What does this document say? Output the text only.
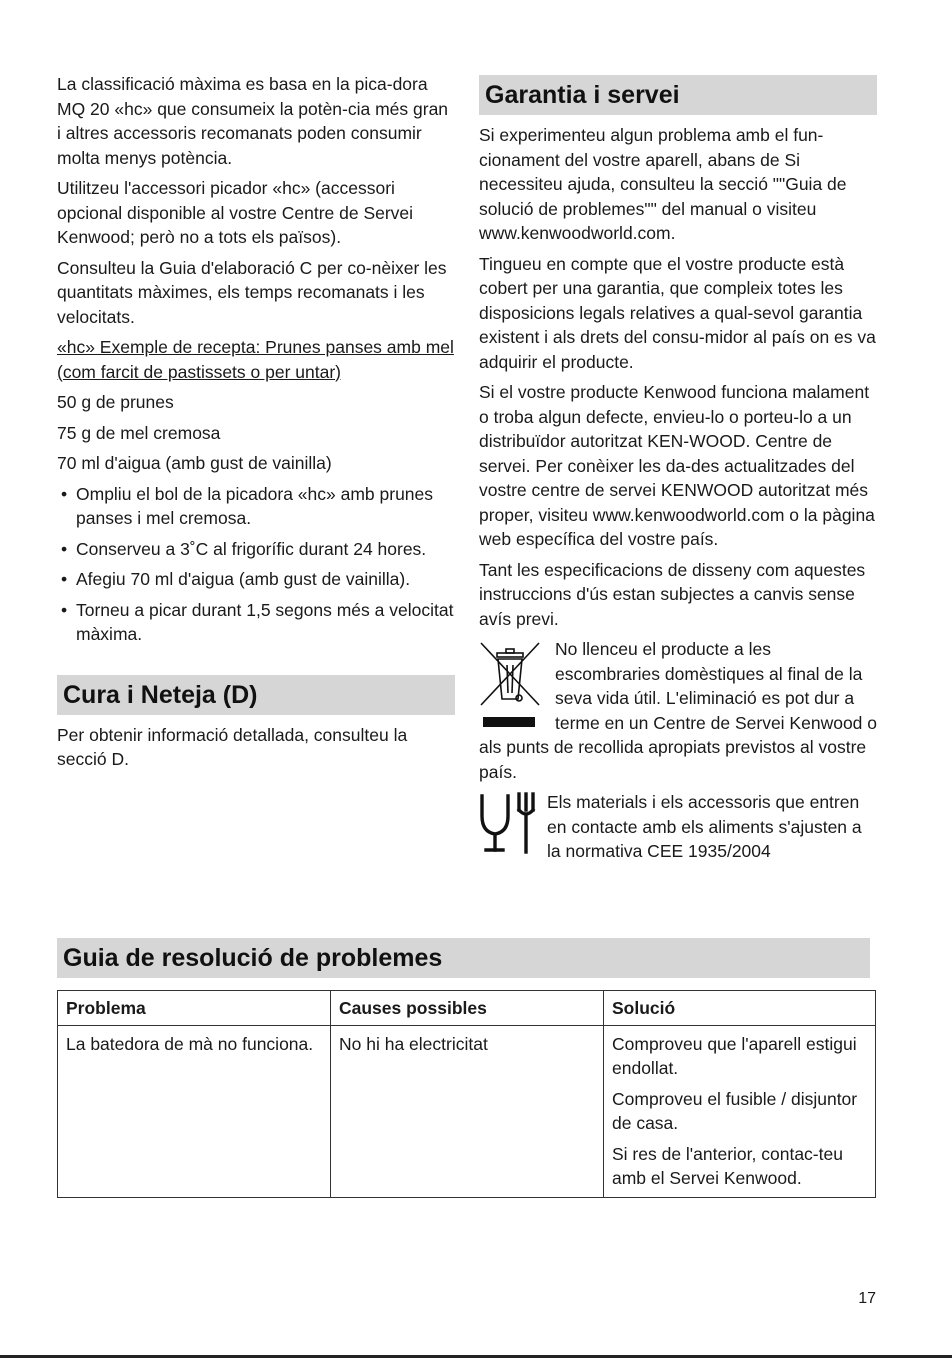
La classificació màxima es basa en la pica-dora MQ 20 «hc» que consumeix la potèn-cia més gran i altres accessoris recomanats poden consumir molta menys potència.

Utilitzeu l'accessori picador «hc» (accessori opcional disponible al vostre Centre de Servei Kenwood; però no a tots els països).

Consulteu la Guia d'elaboració C per co-nèixer les quantitats màximes, els temps recomanats i les velocitats.

«hc» Exemple de recepta: Prunes panses amb mel (com farcit de pastissets o per untar)

50 g de prunes

75 g de mel cremosa

70 ml d'aigua (amb gust de vainilla)

• Ompliu el bol de la picadora «hc» amb prunes panses i mel cremosa.
• Conserveu a 3˚C al frigorífic durant 24 hores.
• Afegiu 70 ml d'aigua (amb gust de vainilla).
• Torneu a picar durant 1,5 segons més a velocitat màxima.
Cura i Neteja (D)

Per obtenir informació detallada, consulteu la secció D.

Garantia i servei

Si experimenteu algun problema amb el fun-cionament del vostre aparell, abans de Si necessiteu ajuda, consulteu la secció ""Guia de solució de problemes"" del manual o visiteu www.kenwoodworld.com.

Tingueu en compte que el vostre producte està cobert per una garantia, que compleix totes les disposicions legals relatives a qual-sevol garantia existent i als drets del consu-midor al país on es va adquirir el producte.

Si el vostre producte Kenwood funciona malament o troba algun defecte, envieu-lo o porteu-lo a un distribuïdor autoritzat KEN-WOOD. Centre de servei. Per conèixer les da-des actualitzades del vostre centre de servei KENWOOD autoritzat més proper, visiteu www.kenwoodworld.com o la pàgina web específica del vostre país.

Tant les especificacions de disseny com aquestes instruccions d'ús estan subjectes a canvis sense avís previ.

No llenceu el producte a les escombraries domèstiques al final de la seva vida útil. L'eliminació es pot dur a terme en un Centre de Servei Kenwood o als punts de recollida apropiats previstos al vostre país.

Els materials i els accessoris que entren en contacte amb els aliments s'ajusten a la normativa CEE 1935/2004

Guia de resolució de problemes
Problema	Causes possibles	Solució
La batedora de mà no funciona.	No hi ha electricitat	Comproveu que l'aparell estigui endollat.

Comproveu el fusible / disjuntor de casa.

Si res de l'anterior, contac-teu amb el Servei Kenwood.

17
